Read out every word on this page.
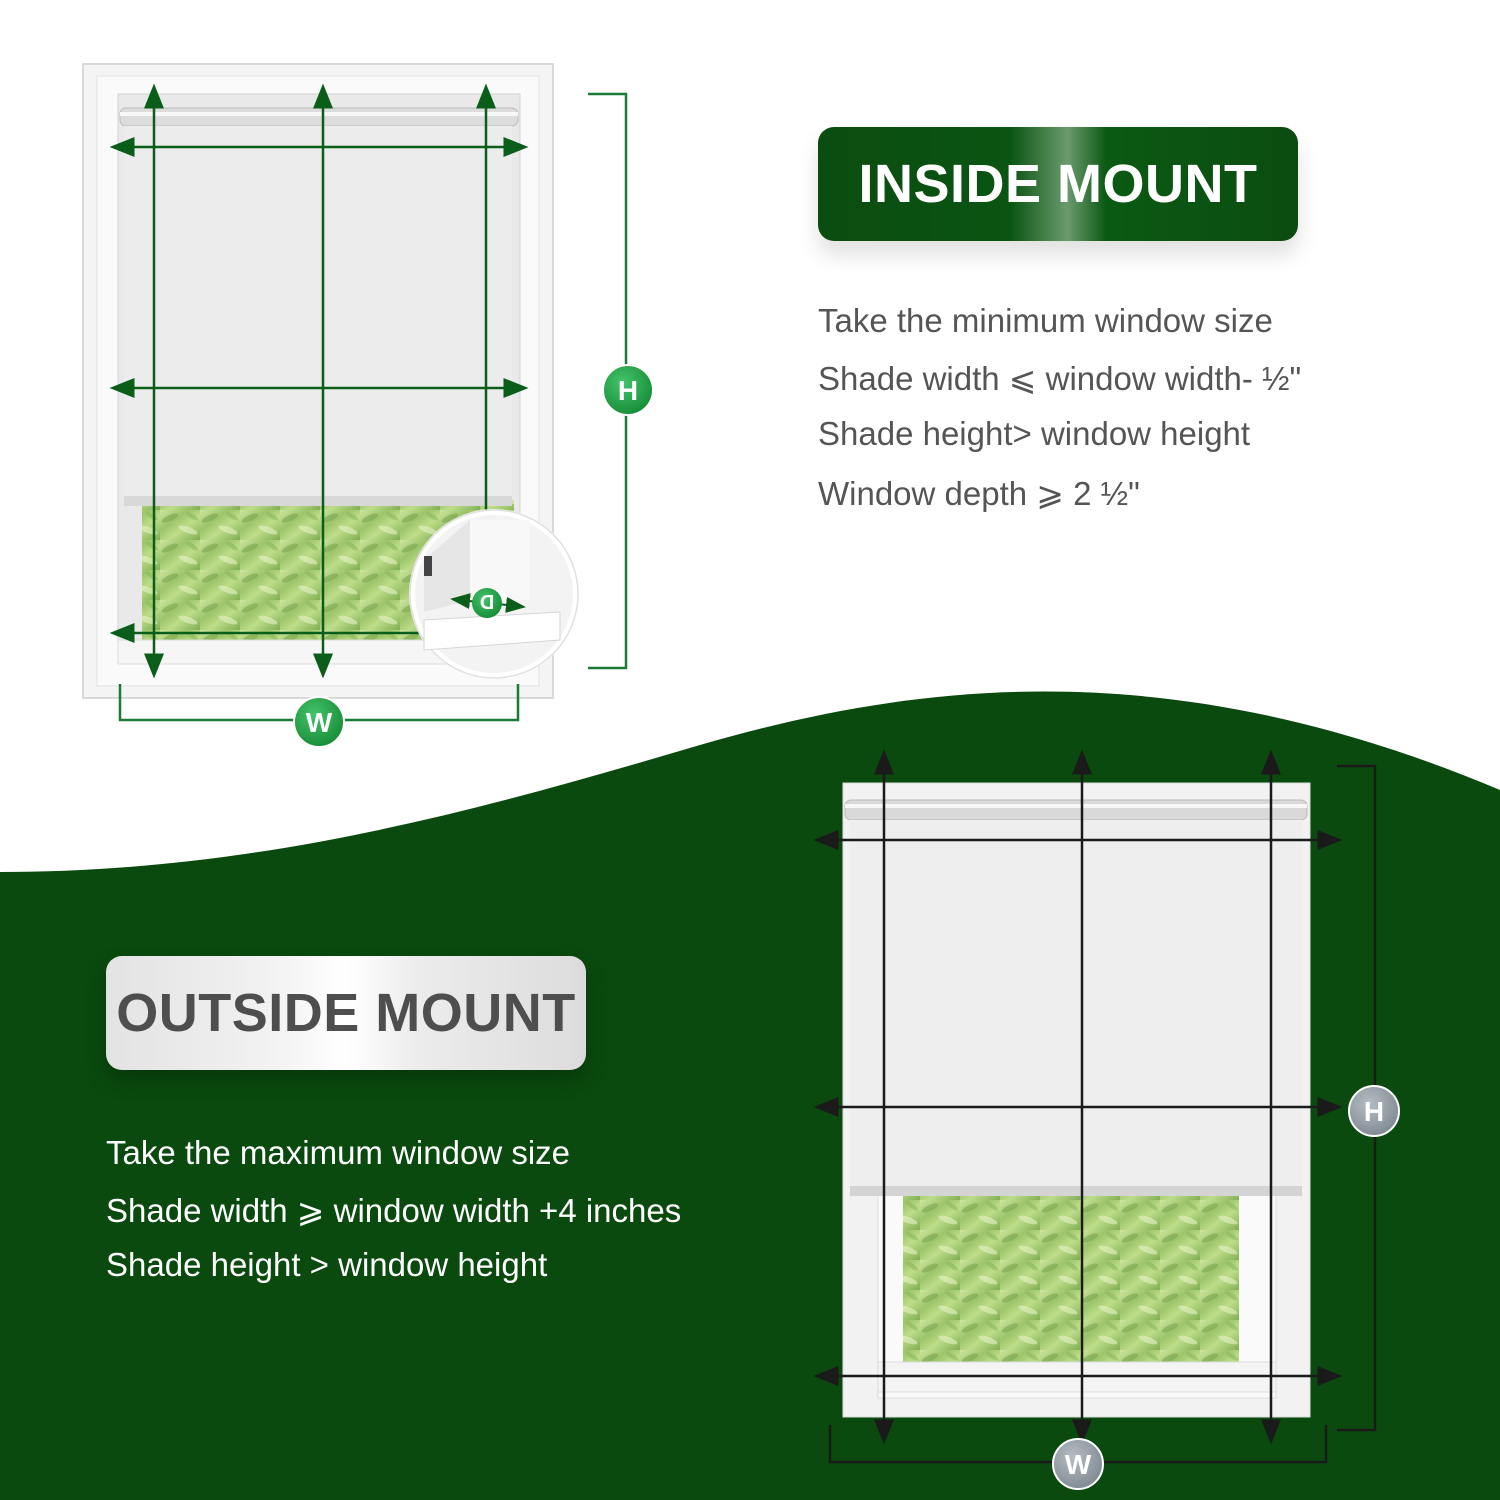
D
H
W
H
W
INSIDE MOUNT
Take the minimum window size
Shade width ⩽ window width- ½"
Shade height> window height
Window depth ⩾ 2 ½"
OUTSIDE MOUNT
Take the maximum window size
Shade width ⩾ window width +4 inches
Shade height > window height
